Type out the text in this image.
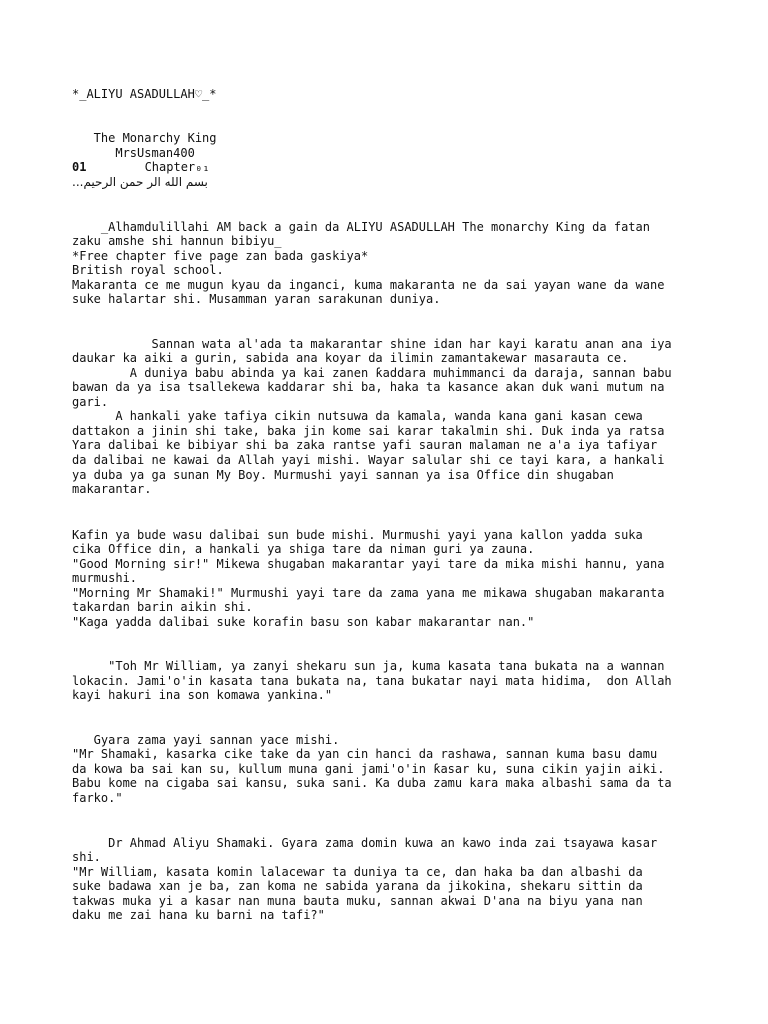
*_ALIYU ASADULLAH♡_*

The Monarchy King

MrsUsman400

01 Chapter₀₁

بسم الله الر حمن الرحيم...

_Alhamdulillahi AM back a gain da ALIYU ASADULLAH The monarchy King da fatan

zaku amshe shi hannun bibiyu_

*Free chapter five page zan bada gaskiya*

British royal school.

Makaranta ce me mugun kyau da inganci, kuma makaranta ne da sai ƴaƴan wane da wane

suke halartar shi. Musamman yaran sarakunan duniya.

Sannan wata al'ada ta makarantar shine idan har kayi karatu anan ana iya

daukar ka aiki a gurin, sabida ana koyar da ilimin zamantakewar masarauta ce.

A duniya babu abinda ya kai zanen ƙaddara muhimmanci da daraja, sannan babu

bawan da ya isa tsallekewa kaddarar shi ba, haka ta kasance akan duk wani mutum na

gari.

A hankali yake tafiya cikin nutsuwa da kamala, wanda kana gani kasan cewa

dattakon a jinin shi take, baka jin kome sai karar takalmin shi. Duk inda ya ratsa

Yara dalibai ke bibiyar shi ba zaka rantse yafi sauran malaman ne a'a iya tafiyar

da dalibai ne kawai da Allah yayi mishi. Wayar salular shi ce tayi kara, a hankali

ya duba ya ga sunan My Boy. Murmushi yayi sannan ya isa Office din shugaban

makarantar.

Kafin ya bude wasu dalibai sun bude mishi. Murmushi yayi yana kallon yadda suka

cika Office din, a hankali ya shiga tare da niman guri ya zauna.

"Good Morning sir!" Mikewa shugaban makarantar yayi tare da mika mishi hannu, yana

murmushi.

"Morning Mr Shamaki!" Murmushi yayi tare da zama yana me mikawa shugaban makaranta

takardan barin aikin shi.

"Kaga yadda dalibai suke korafin basu son kabar makarantar nan."

"Toh Mr William, ya zanyi shekaru sun ja, kuma kasata tana bukata na a wannan

lokacin. Jami'o'in kasata tana bukata na, tana bukatar nayi mata hidima,  don Allah

kayi hakuri ina son komawa yankina."

Gyara zama yayi sannan yace mishi.

"Mr Shamaki, kasarka cike take da yan cin hanci da rashawa, sannan kuma basu damu

da kowa ba sai kan su, kullum muna gani jami'o'in ƙasar ku, suna cikin yajin aiki.

Babu kome na cigaba sai kansu, suka sani. Ka duba zamu kara maka albashi sama da ta

farko."

Dr Ahmad Aliyu Shamaki. Gyara zama domin kuwa an kawo inda zai tsayawa kasar

shi.

"Mr William, kasata komin lalacewar ta duniya ta ce, dan haka ba dan albashi da

suke badawa xan je ba, zan koma ne sabida yarana da jikokina, shekaru sittin da

takwas muka yi a kasar nan muna bauta muku, sannan akwai D'ana na biyu yana nan

daku me zai hana ku barni na tafi?"
